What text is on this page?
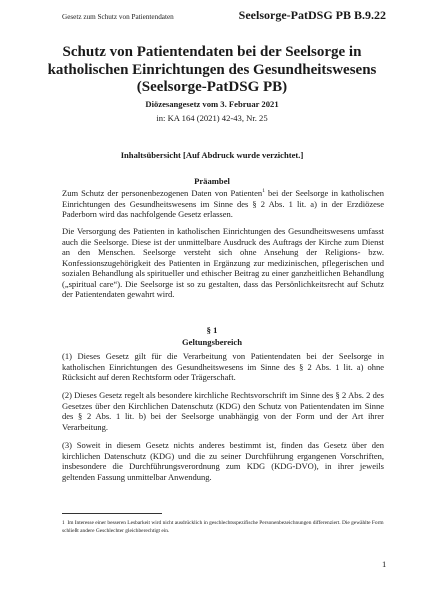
Gesetz zum Schutz von Patientendaten	Seelsorge-PatDSG PB B.9.22
Schutz von Patientendaten bei der Seelsorge in
katholischen Einrichtungen des Gesundheitswesens
(Seelsorge-PatDSG PB)
Diözesangesetz vom 3. Februar 2021
in: KA 164 (2021) 42-43, Nr. 25
Inhaltsübersicht [Auf Abdruck wurde verzichtet.]
Präambel

Zum Schutz der personenbezogenen Daten von Patienten$^1$ bei der Seelsorge in katholischen Einrichtungen des Gesundheitswesens im Sinne des § 2 Abs. 1 lit. a) in der Erzdiözese Paderborn wird das nachfolgende Gesetz erlassen.

Die Versorgung des Patienten in katholischen Einrichtungen des Gesundheitswesens umfasst auch die Seelsorge. Diese ist der unmittelbare Ausdruck des Auftrags der Kirche zum Dienst an den Menschen. Seelsorge versteht sich ohne Ansehung der Religions- bzw. Konfessionszugehörigkeit des Patienten in Ergänzung zur medizinischen, pflegerischen und sozialen Behandlung als spiritueller und ethischer Beitrag zu einer ganzheitlichen Behandlung („spiritual care“). Die Seelsorge ist so zu gestalten, dass das Persönlichkeitsrecht auf Schutz der Patientendaten gewahrt wird.

§ 1
Geltungsbereich

(1) Dieses Gesetz gilt für die Verarbeitung von Patientendaten bei der Seelsorge in katholischen Einrichtungen des Gesundheitswesens im Sinne des § 2 Abs. 1 lit. a) ohne Rücksicht auf deren Rechtsform oder Trägerschaft.

(2) Dieses Gesetz regelt als besondere kirchliche Rechtsvorschrift im Sinne des § 2 Abs. 2 des Gesetzes über den Kirchlichen Datenschutz (KDG) den Schutz von Patientendaten im Sinne des § 2 Abs. 1 lit. b) bei der Seelsorge unabhängig von der Form und der Art ihrer Verarbeitung.

(3) Soweit in diesem Gesetz nichts anderes bestimmt ist, finden das Gesetz über den kirchlichen Datenschutz (KDG) und die zu seiner Durchführung ergangenen Vorschriften, insbesondere die Durchführungsverordnung zum KDG (KDG-DVO), in ihrer jeweils geltenden Fassung unmittelbar Anwendung.

1 Im Interesse einer besseren Lesbarkeit wird nicht ausdrücklich in geschlechtsspezifische Personenbezeichnungen differenziert. Die gewählte Form schließt andere Geschlechter gleichberechtigt ein.

1
